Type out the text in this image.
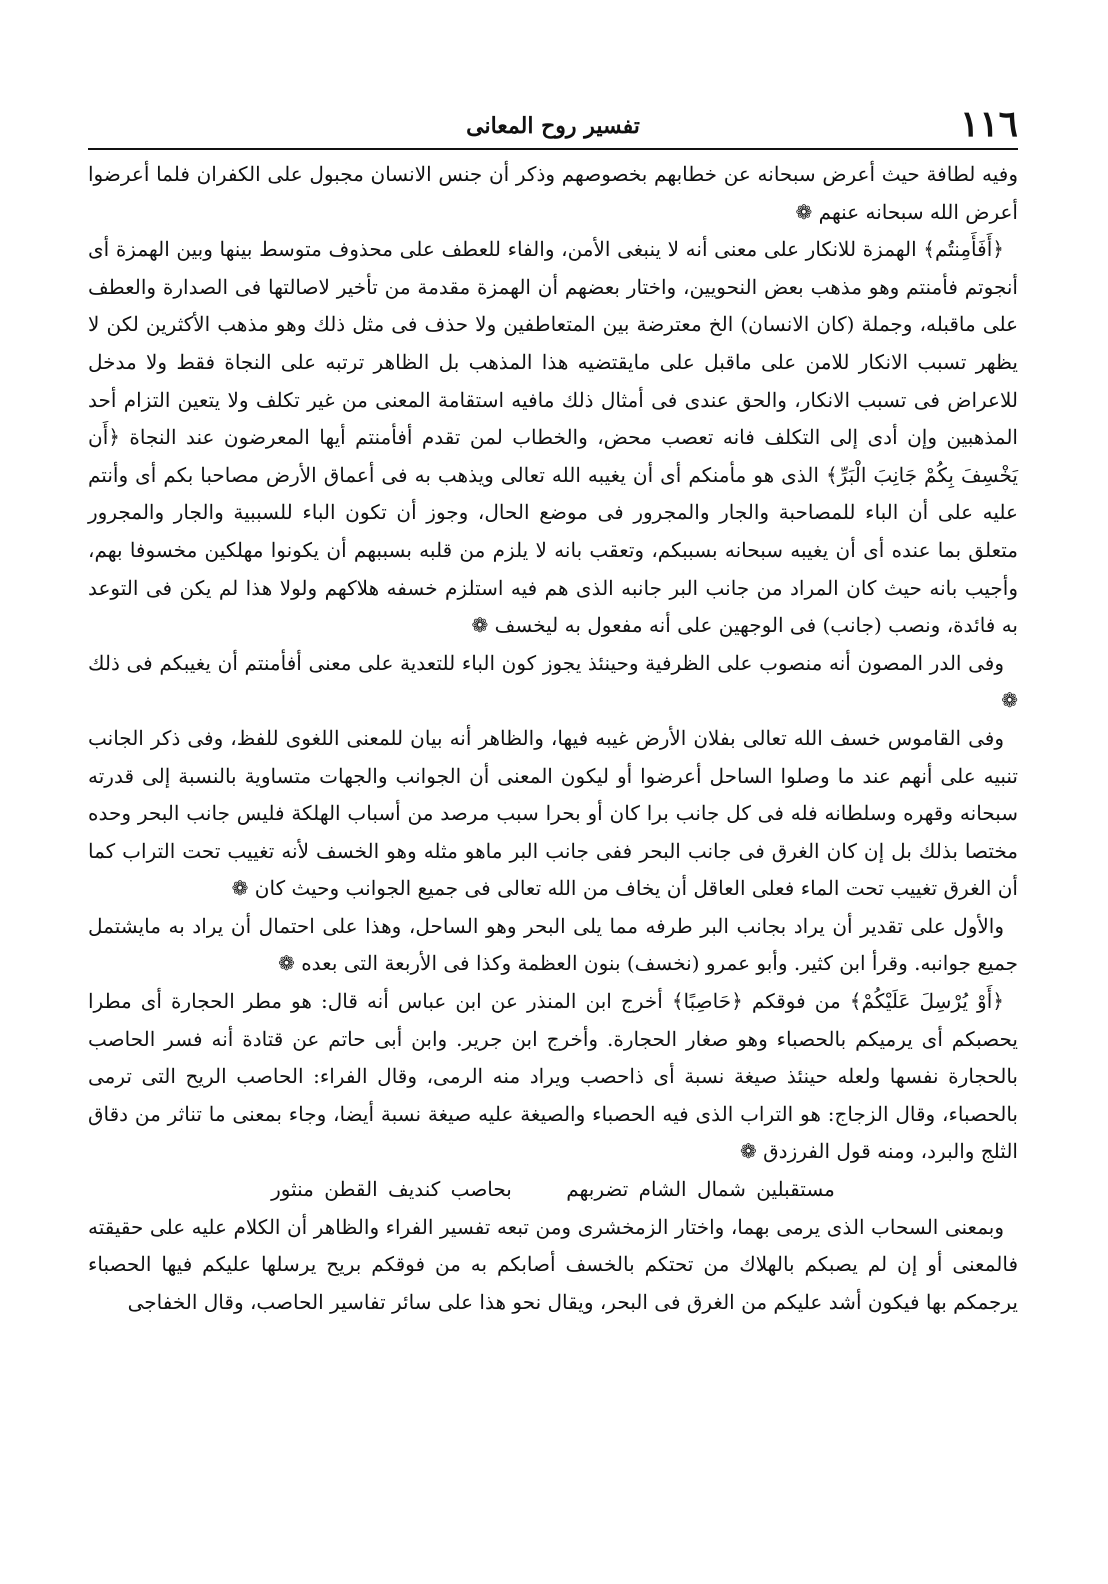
١١٦
تفسير روح المعانى

وفيه لطافة حيث أعرض سبحانه عن خطابهم بخصوصهم وذكر أن جنس الانسان مجبول على الكفران فلما أعرضوا أعرض الله سبحانه عنهم ❁

﴿أَفَأَمِنتُم﴾ الهمزة للانكار على معنى أنه لا ينبغى الأمن، والفاء للعطف على محذوف متوسط بينها وبين الهمزة أى أنجوتم فأمنتم وهو مذهب بعض النحويين، واختار بعضهم أن الهمزة مقدمة من تأخير لاصالتها فى الصدارة والعطف على ماقبله، وجملة (كان الانسان) الخ معترضة بين المتعاطفين ولا حذف فى مثل ذلك وهو مذهب الأكثرين لكن لا يظهر تسبب الانكار للامن على ماقبل على مايقتضيه هذا المذهب بل الظاهر ترتبه على النجاة فقط ولا مدخل للاعراض فى تسبب الانكار، والحق عندى فى أمثال ذلك مافيه استقامة المعنى من غير تكلف ولا يتعين التزام أحد المذهبين وإن أدى إلى التكلف فانه تعصب محض، والخطاب لمن تقدم أفأمنتم أيها المعرضون عند النجاة ﴿أَن يَخْسِفَ بِكُمْ جَانِبَ الْبَرِّ﴾ الذى هو مأمنكم أى أن يغيبه الله تعالى ويذهب به فى أعماق الأرض مصاحبا بكم أى وأنتم عليه على أن الباء للمصاحبة والجار والمجرور فى موضع الحال، وجوز أن تكون الباء للسببية والجار والمجرور متعلق بما عنده أى أن يغيبه سبحانه بسببكم، وتعقب بانه لا يلزم من قلبه بسببهم أن يكونوا مهلكين مخسوفا بهم، وأجيب بانه حيث كان المراد من جانب البر جانبه الذى هم فيه استلزم خسفه هلاكهم ولولا هذا لم يكن فى التوعد به فائدة، ونصب (جانب) فى الوجهين على أنه مفعول به ليخسف ❁

وفى الدر المصون أنه منصوب على الظرفية وحينئذ يجوز كون الباء للتعدية على معنى أفأمنتم أن يغيبكم فى ذلك ❁

وفى القاموس خسف الله تعالى بفلان الأرض غيبه فيها، والظاهر أنه بيان للمعنى اللغوى للفظ، وفى ذكر الجانب تنبيه على أنهم عند ما وصلوا الساحل أعرضوا أو ليكون المعنى أن الجوانب والجهات متساوية بالنسبة إلى قدرته سبحانه وقهره وسلطانه فله فى كل جانب برا كان أو بحرا سبب مرصد من أسباب الهلكة فليس جانب البحر وحده مختصا بذلك بل إن كان الغرق فى جانب البحر ففى جانب البر ماهو مثله وهو الخسف لأنه تغييب تحت التراب كما أن الغرق تغييب تحت الماء فعلى العاقل أن يخاف من الله تعالى فى جميع الجوانب وحيث كان ❁

والأول على تقدير أن يراد بجانب البر طرفه مما يلى البحر وهو الساحل، وهذا على احتمال أن يراد به مايشتمل جميع جوانبه. وقرأ ابن كثير. وأبو عمرو (نخسف) بنون العظمة وكذا فى الأربعة التى بعده ❁

﴿أَوْ يُرْسِلَ عَلَيْكُمْ﴾ من فوقكم ﴿حَاصِبًا﴾ أخرج ابن المنذر عن ابن عباس أنه قال: هو مطر الحجارة أى مطرا يحصبكم أى يرميكم بالحصباء وهو صغار الحجارة. وأخرج ابن جرير. وابن أبى حاتم عن قتادة أنه فسر الحاصب بالحجارة نفسها ولعله حينئذ صيغة نسبة أى ذاحصب ويراد منه الرمى، وقال الفراء: الحاصب الريح التى ترمى بالحصباء، وقال الزجاج: هو التراب الذى فيه الحصباء والصيغة عليه صيغة نسبة أيضا، وجاء بمعنى ما تناثر من دقاق الثلج والبرد، ومنه قول الفرزدق ❁

مستقبلين شمال الشام تضربهم بحاصب كنديف القطن منثور

وبمعنى السحاب الذى يرمى بهما، واختار الزمخشرى ومن تبعه تفسير الفراء والظاهر أن الكلام عليه على حقيقته فالمعنى أو إن لم يصبكم بالهلاك من تحتكم بالخسف أصابكم به من فوقكم بريح يرسلها عليكم فيها الحصباء يرجمكم بها فيكون أشد عليكم من الغرق فى البحر، ويقال نحو هذا على سائر تفاسير الحاصب، وقال الخفاجى
